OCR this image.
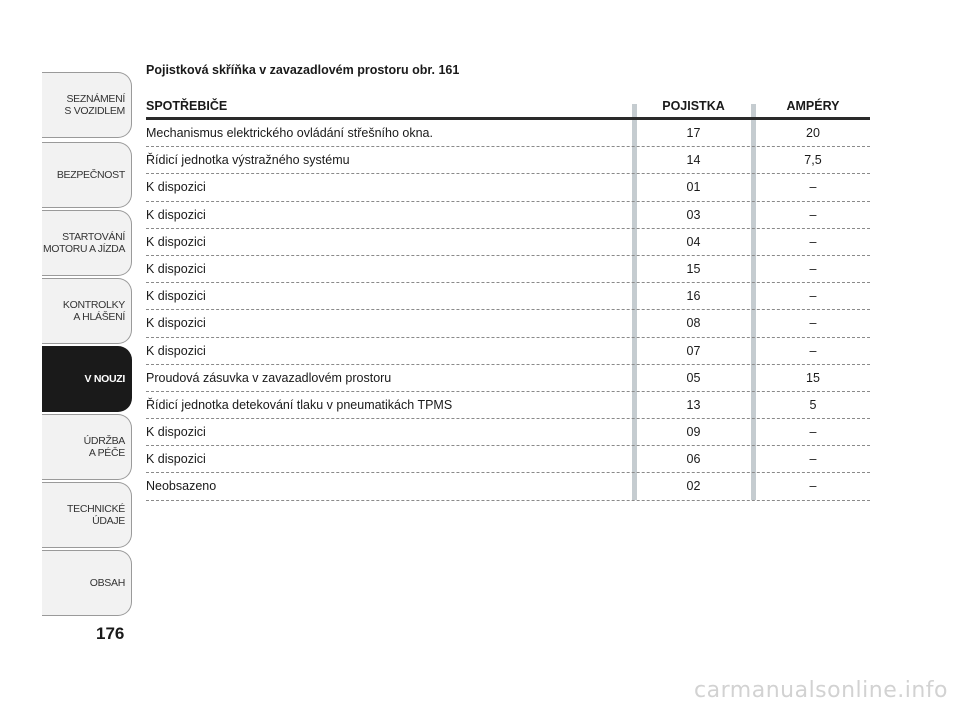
SEZNÁMENÍ
S VOZIDLEM
BEZPEČNOST
STARTOVÁNÍ
MOTORU A JÍZDA
KONTROLKY
A HLÁŠENÍ
V NOUZI
ÚDRŽBA
A PÉČE
TECHNICKÉ
ÚDAJE
OBSAH
176

Pojistková skříňka v zavazadlovém prostoru obr. 161

SPOTŘEBIČE	POJISTKA	AMPÉRY
Mechanismus elektrického ovládání střešního okna.	17	20
Řídicí jednotka výstražného systému	14	7,5
K dispozici	01	–
K dispozici	03	–
K dispozici	04	–
K dispozici	15	–
K dispozici	16	–
K dispozici	08	–
K dispozici	07	–
Proudová zásuvka v zavazadlovém prostoru	05	15
Řídicí jednotka detekování tlaku v pneumatikách TPMS	13	5
K dispozici	09	–
K dispozici	06	–
Neobsazeno	02	–
carmanualsonline.info
